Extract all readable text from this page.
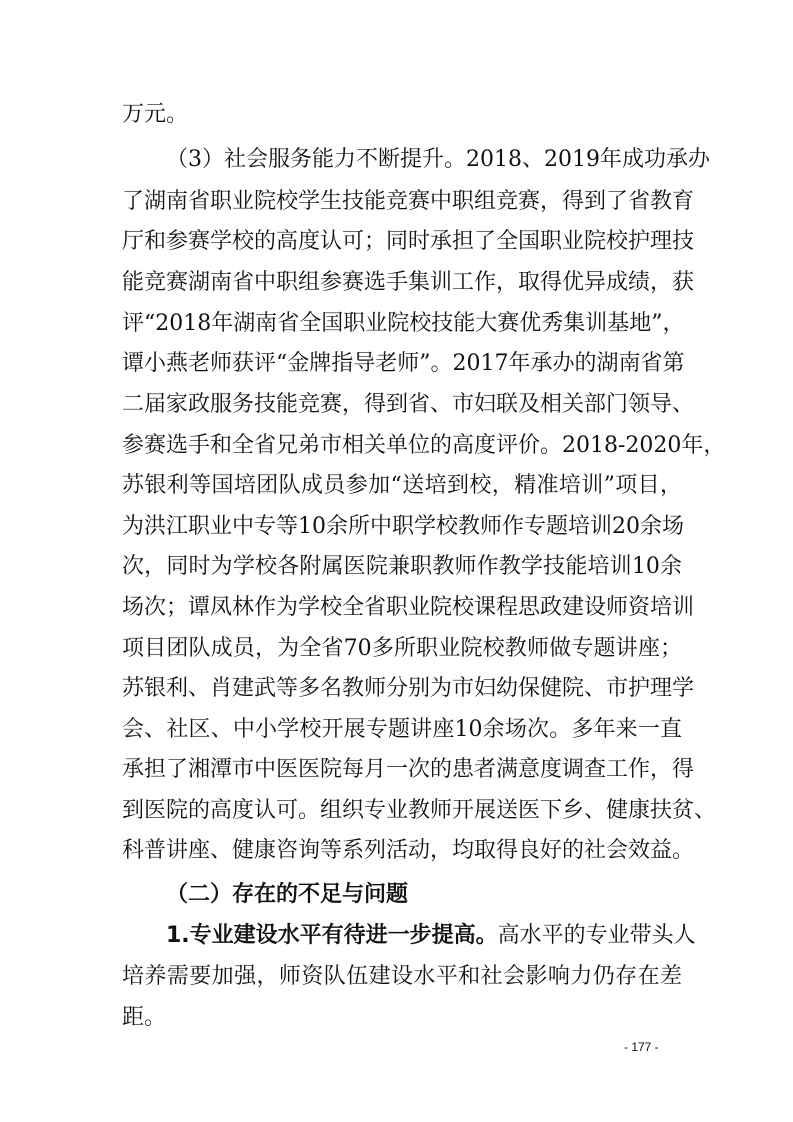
万元。
（3）社会服务能力不断提升。2018、2019年成功承办
了湖南省职业院校学生技能竞赛中职组竞赛，得到了省教育
厅和参赛学校的高度认可；同时承担了全国职业院校护理技
能竞赛湖南省中职组参赛选手集训工作，取得优异成绩，获
评“2018年湖南省全国职业院校技能大赛优秀集训基地”，
谭小燕老师获评“金牌指导老师”。2017年承办的湖南省第
二届家政服务技能竞赛，得到省、市妇联及相关部门领导、
参赛选手和全省兄弟市相关单位的高度评价。2018-2020年，
苏银利等国培团队成员参加“送培到校，精准培训”项目，
为洪江职业中专等10余所中职学校教师作专题培训20余场
次，同时为学校各附属医院兼职教师作教学技能培训10余
场次；谭凤林作为学校全省职业院校课程思政建设师资培训
项目团队成员，为全省70多所职业院校教师做专题讲座；
苏银利、肖建武等多名教师分别为市妇幼保健院、市护理学
会、社区、中小学校开展专题讲座10余场次。多年来一直
承担了湘潭市中医医院每月一次的患者满意度调查工作，得
到医院的高度认可。组织专业教师开展送医下乡、健康扶贫、
科普讲座、健康咨询等系列活动，均取得良好的社会效益。
（二）存在的不足与问题
1.专业建设水平有待进一步提高。高水平的专业带头人
培养需要加强，师资队伍建设水平和社会影响力仍存在差
距。
- 177 -
